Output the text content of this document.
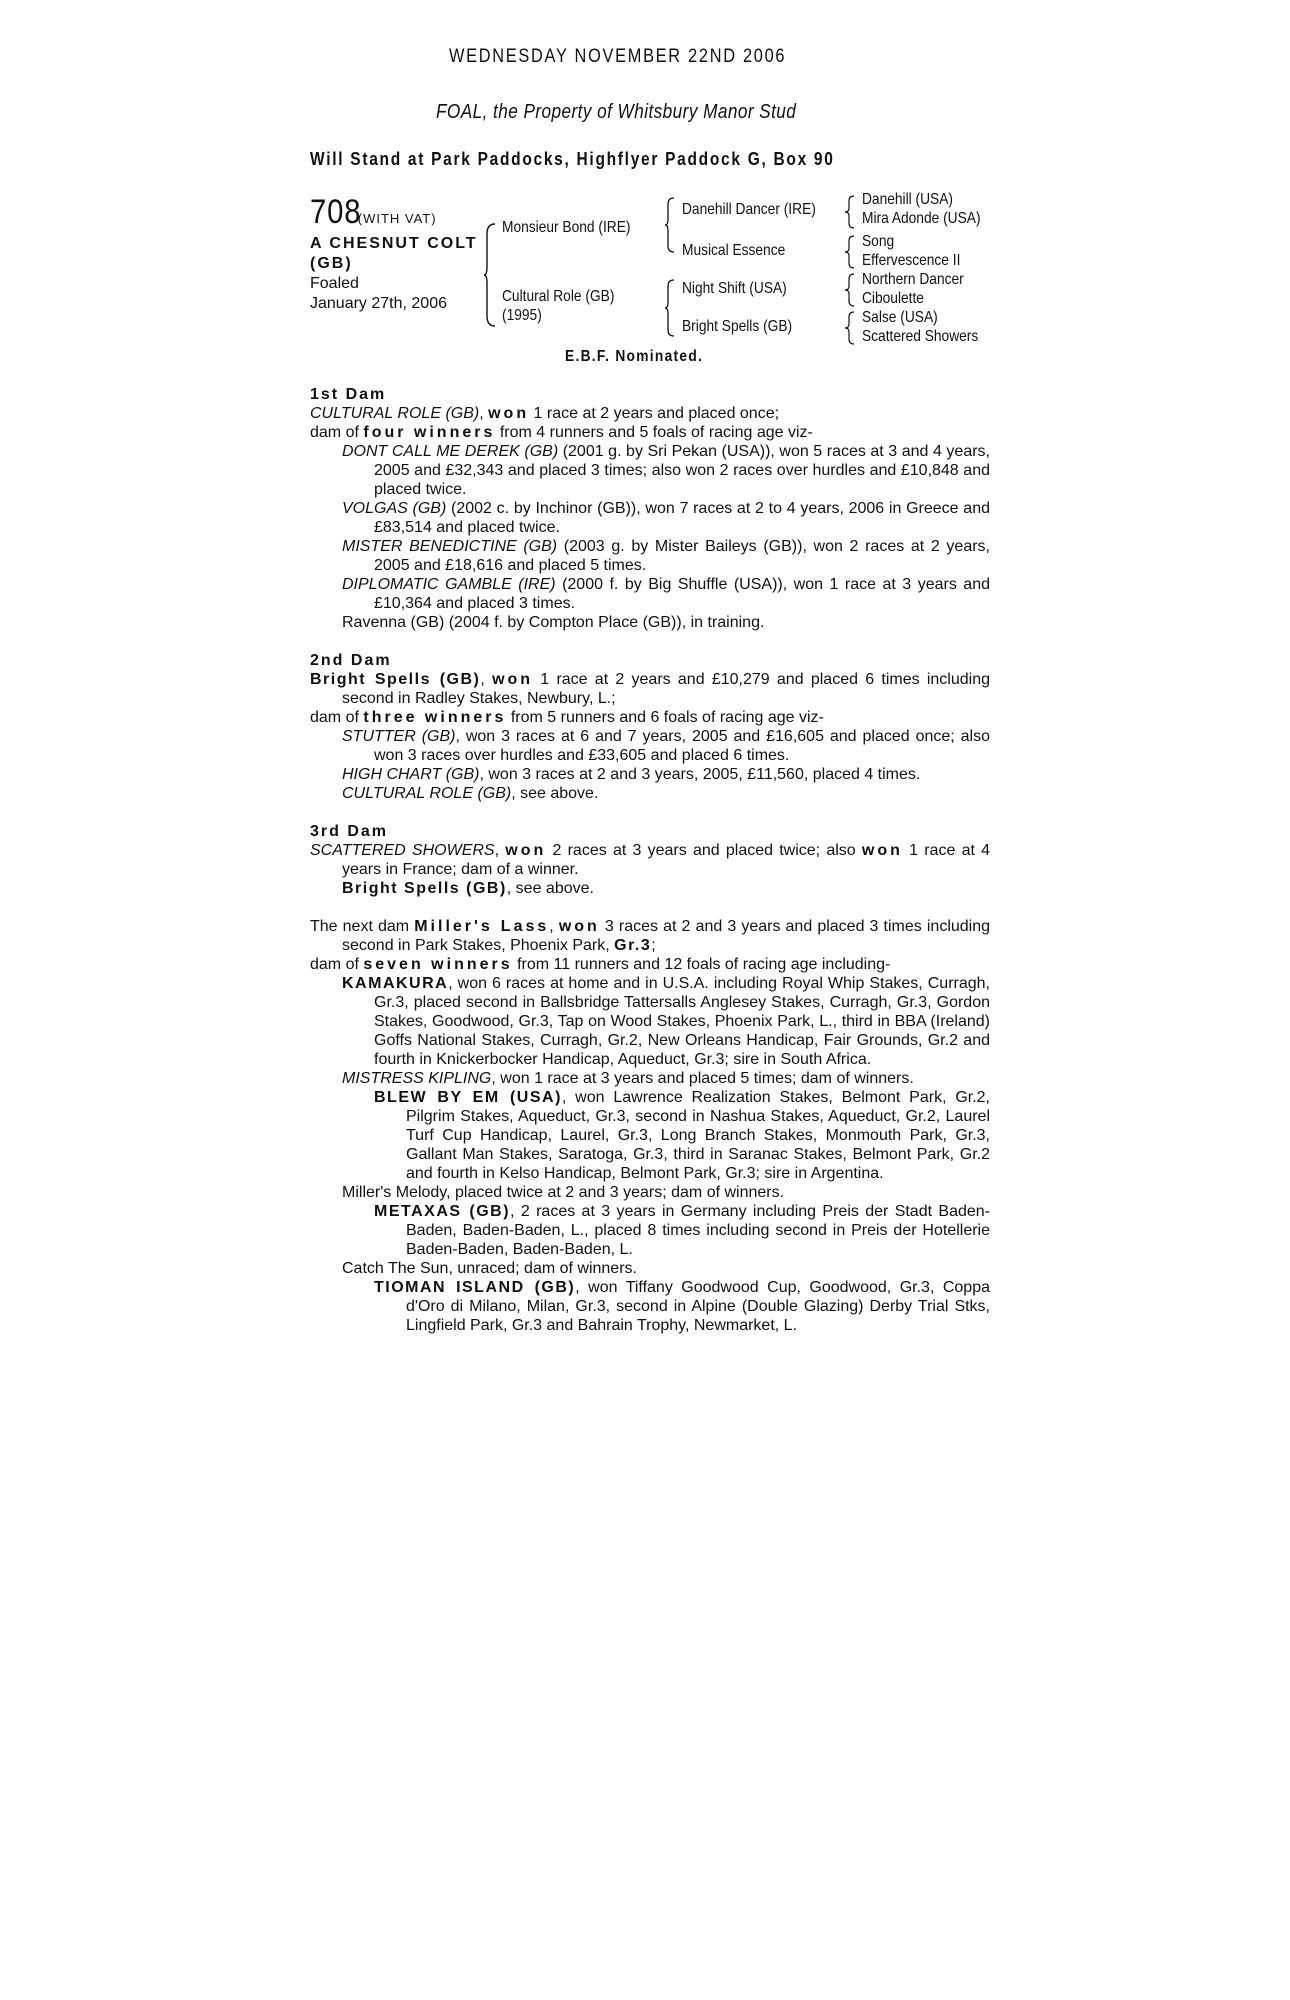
WEDNESDAY NOVEMBER 22ND 2006
FOAL, the Property of Whitsbury Manor Stud
Will Stand at Park Paddocks, Highflyer Paddock G, Box 90
708(WITH VAT)
A CHESNUT COLT
(GB)
Foaled
January 27th, 2006
Monsieur Bond (IRE)
Cultural Role (GB)
(1995)
Danehill Dancer (IRE)
Musical Essence
Night Shift (USA)
Bright Spells (GB)
Danehill (USA)
Mira Adonde (USA)
Song
Effervescence II
Northern Dancer
Ciboulette
Salse (USA)
Scattered Showers
E.B.F. Nominated.
1st Dam

CULTURAL ROLE (GB), won 1 race at 2 years and placed once;

dam of four winners from 4 runners and 5 foals of racing age viz-

DONT CALL ME DEREK (GB) (2001 g. by Sri Pekan (USA)), won 5 races at 3 and 4 years, 2005 and £32,343 and placed 3 times; also won 2 races over hurdles and £10,848 and placed twice.

VOLGAS (GB) (2002 c. by Inchinor (GB)), won 7 races at 2 to 4 years, 2006 in Greece and £83,514 and placed twice.

MISTER BENEDICTINE (GB) (2003 g. by Mister Baileys (GB)), won 2 races at 2 years, 2005 and £18,616 and placed 5 times.

DIPLOMATIC GAMBLE (IRE) (2000 f. by Big Shuffle (USA)), won 1 race at 3 years and £10,364 and placed 3 times.

Ravenna (GB) (2004 f. by Compton Place (GB)), in training.

2nd Dam

Bright Spells (GB), won 1 race at 2 years and £10,279 and placed 6 times including second in Radley Stakes, Newbury, L.;

dam of three winners from 5 runners and 6 foals of racing age viz-

STUTTER (GB), won 3 races at 6 and 7 years, 2005 and £16,605 and placed once; also won 3 races over hurdles and £33,605 and placed 6 times.

HIGH CHART (GB), won 3 races at 2 and 3 years, 2005, £11,560, placed 4 times.

CULTURAL ROLE (GB), see above.

3rd Dam

SCATTERED SHOWERS, won 2 races at 3 years and placed twice; also won 1 race at 4 years in France; dam of a winner.

Bright Spells (GB), see above.

The next dam Miller's Lass, won 3 races at 2 and 3 years and placed 3 times including second in Park Stakes, Phoenix Park, Gr.3;

dam of seven winners from 11 runners and 12 foals of racing age including-

KAMAKURA, won 6 races at home and in U.S.A. including Royal Whip Stakes, Curragh, Gr.3, placed second in Ballsbridge Tattersalls Anglesey Stakes, Curragh, Gr.3, Gordon Stakes, Goodwood, Gr.3, Tap on Wood Stakes, Phoenix Park, L., third in BBA (Ireland) Goffs National Stakes, Curragh, Gr.2, New Orleans Handicap, Fair Grounds, Gr.2 and fourth in Knickerbocker Handicap, Aqueduct, Gr.3; sire in South Africa.

MISTRESS KIPLING, won 1 race at 3 years and placed 5 times; dam of winners.

BLEW BY EM (USA), won Lawrence Realization Stakes, Belmont Park, Gr.2, Pilgrim Stakes, Aqueduct, Gr.3, second in Nashua Stakes, Aqueduct, Gr.2, Laurel Turf Cup Handicap, Laurel, Gr.3, Long Branch Stakes, Monmouth Park, Gr.3, Gallant Man Stakes, Saratoga, Gr.3, third in Saranac Stakes, Belmont Park, Gr.2 and fourth in Kelso Handicap, Belmont Park, Gr.3; sire in Argentina.

Miller's Melody, placed twice at 2 and 3 years; dam of winners.

METAXAS (GB), 2 races at 3 years in Germany including Preis der Stadt Baden-Baden, Baden-Baden, L., placed 8 times including second in Preis der Hotellerie Baden-Baden, Baden-Baden, L.

Catch The Sun, unraced; dam of winners.

TIOMAN ISLAND (GB), won Tiffany Goodwood Cup, Goodwood, Gr.3, Coppa d'Oro di Milano, Milan, Gr.3, second in Alpine (Double Glazing) Derby Trial Stks, Lingfield Park, Gr.3 and Bahrain Trophy, Newmarket, L.
